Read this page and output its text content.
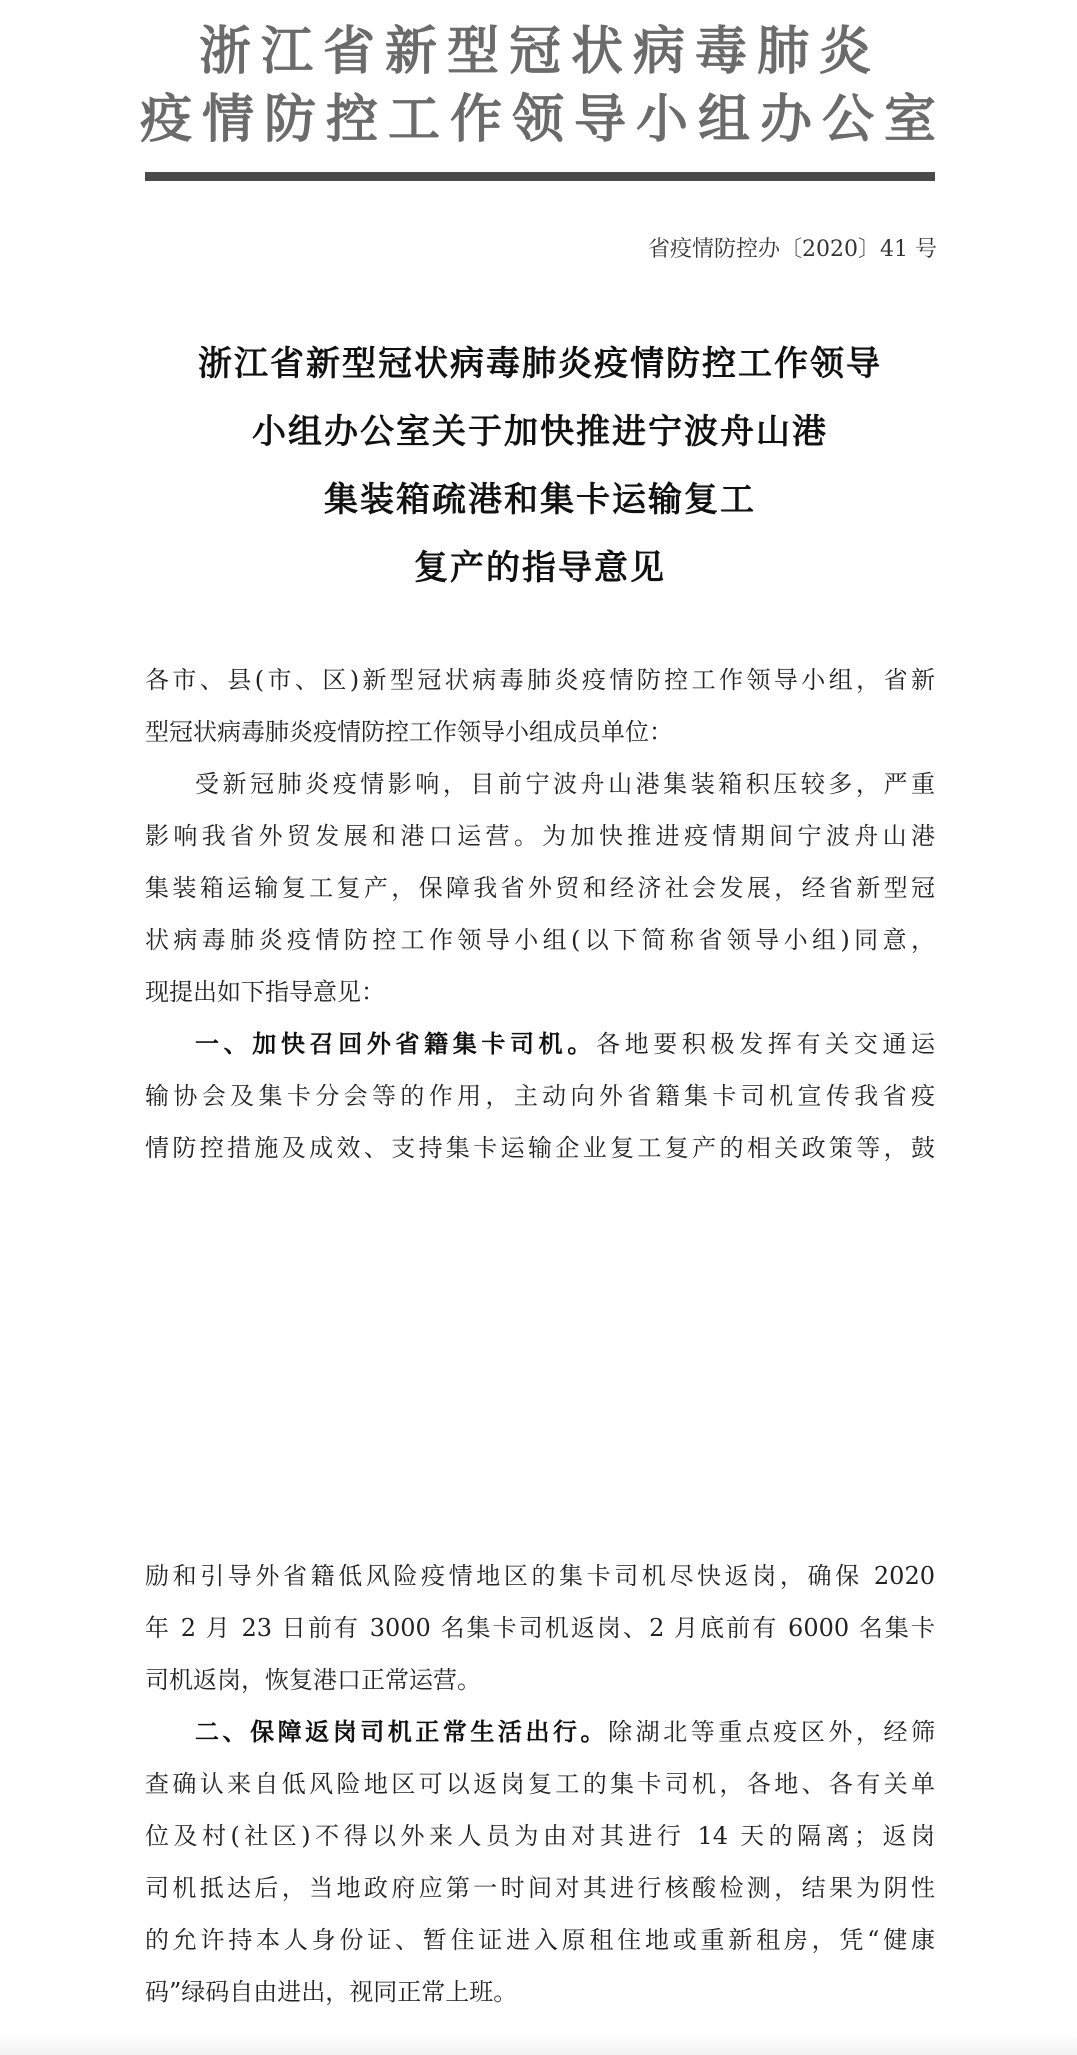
浙江省新型冠状病毒肺炎
疫情防控工作领导小组办公室
省疫情防控办〔2020〕41 号
浙江省新型冠状病毒肺炎疫情防控工作领导
小组办公室关于加快推进宁波舟山港
集装箱疏港和集卡运输复工
复产的指导意见
各市、县(市、区)新型冠状病毒肺炎疫情防控工作领导小组，省新
型冠状病毒肺炎疫情防控工作领导小组成员单位：
受新冠肺炎疫情影响，目前宁波舟山港集装箱积压较多，严重
影响我省外贸发展和港口运营。为加快推进疫情期间宁波舟山港
集装箱运输复工复产，保障我省外贸和经济社会发展，经省新型冠
状病毒肺炎疫情防控工作领导小组(以下简称省领导小组)同意，
现提出如下指导意见：
一、加快召回外省籍集卡司机。各地要积极发挥有关交通运
输协会及集卡分会等的作用，主动向外省籍集卡司机宣传我省疫
情防控措施及成效、支持集卡运输企业复工复产的相关政策等，鼓
励和引导外省籍低风险疫情地区的集卡司机尽快返岗，确保 2020
年 2 月 23 日前有 3000 名集卡司机返岗、2 月底前有 6000 名集卡
司机返岗，恢复港口正常运营。
二、保障返岗司机正常生活出行。除湖北等重点疫区外，经筛
查确认来自低风险地区可以返岗复工的集卡司机，各地、各有关单
位及村(社区)不得以外来人员为由对其进行 14 天的隔离；返岗
司机抵达后，当地政府应第一时间对其进行核酸检测，结果为阴性
的允许持本人身份证、暂住证进入原租住地或重新租房，凭“健康
码”绿码自由进出，视同正常上班。
